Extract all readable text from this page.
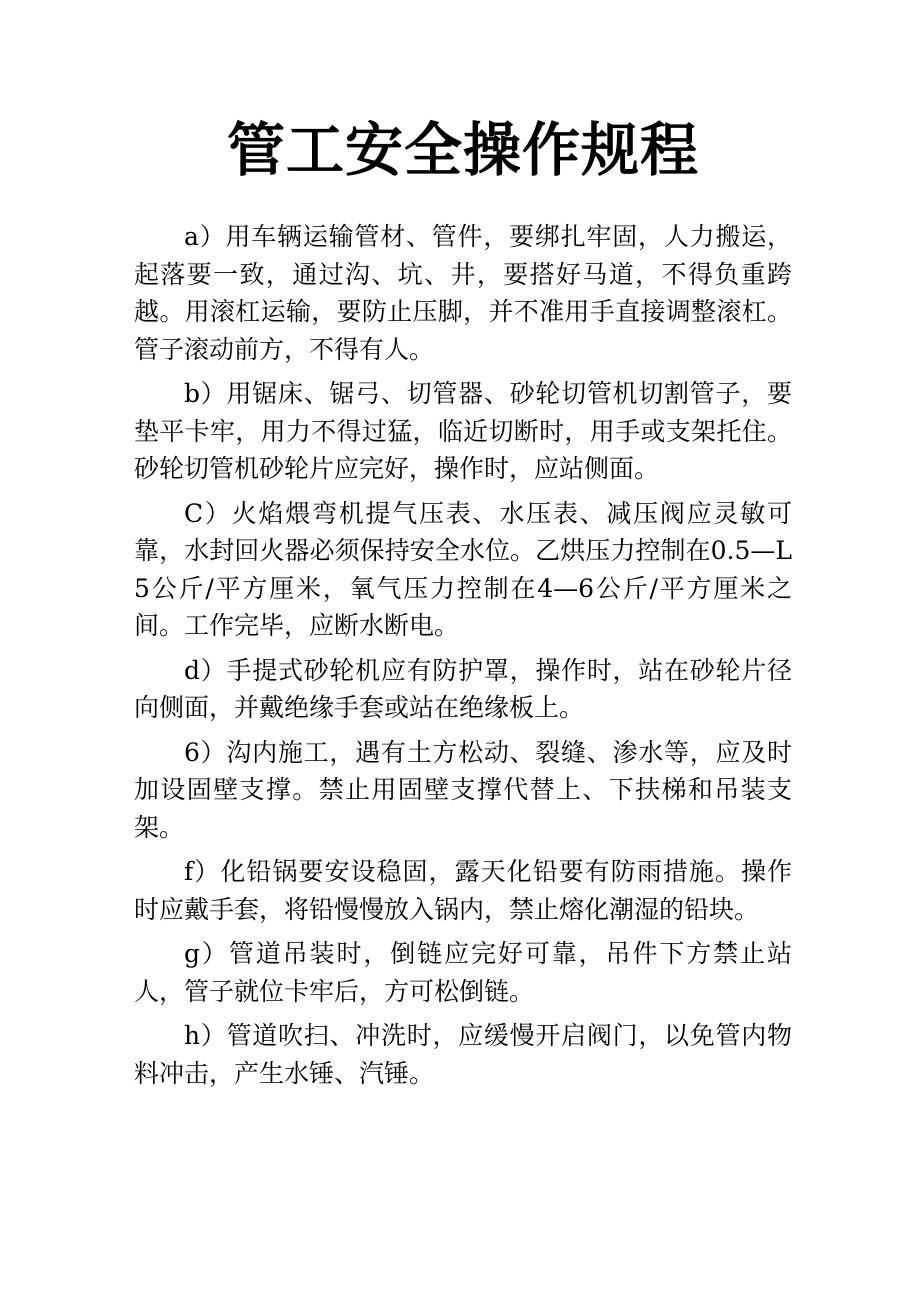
管工安全操作规程

a）用车辆运输管材、管件，要绑扎牢固，人力搬运，起落要一致，通过沟、坑、井，要搭好马道，不得负重跨越。用滚杠运输，要防止压脚，并不准用手直接调整滚杠。管子滚动前方，不得有人。

b）用锯床、锯弓、切管器、砂轮切管机切割管子，要垫平卡牢，用力不得过猛，临近切断时，用手或支架托住。砂轮切管机砂轮片应完好，操作时，应站侧面。

C）火焰煨弯机提气压表、水压表、减压阀应灵敏可靠，水封回火器必须保持安全水位。乙烘压力控制在0.5—L5公斤/平方厘米，氧气压力控制在4—6公斤/平方厘米之间。工作完毕，应断水断电。

d）手提式砂轮机应有防护罩，操作时，站在砂轮片径向侧面，并戴绝缘手套或站在绝缘板上。

6）沟内施工，遇有土方松动、裂缝、渗水等，应及时加设固壁支撑。禁止用固壁支撑代替上、下扶梯和吊装支架。

f）化铅锅要安设稳固，露天化铅要有防雨措施。操作时应戴手套，将铅慢慢放入锅内，禁止熔化潮湿的铅块。

g）管道吊装时，倒链应完好可靠，吊件下方禁止站人，管子就位卡牢后，方可松倒链。

h）管道吹扫、冲洗时，应缓慢开启阀门，以免管内物料冲击，产生水锤、汽锤。
